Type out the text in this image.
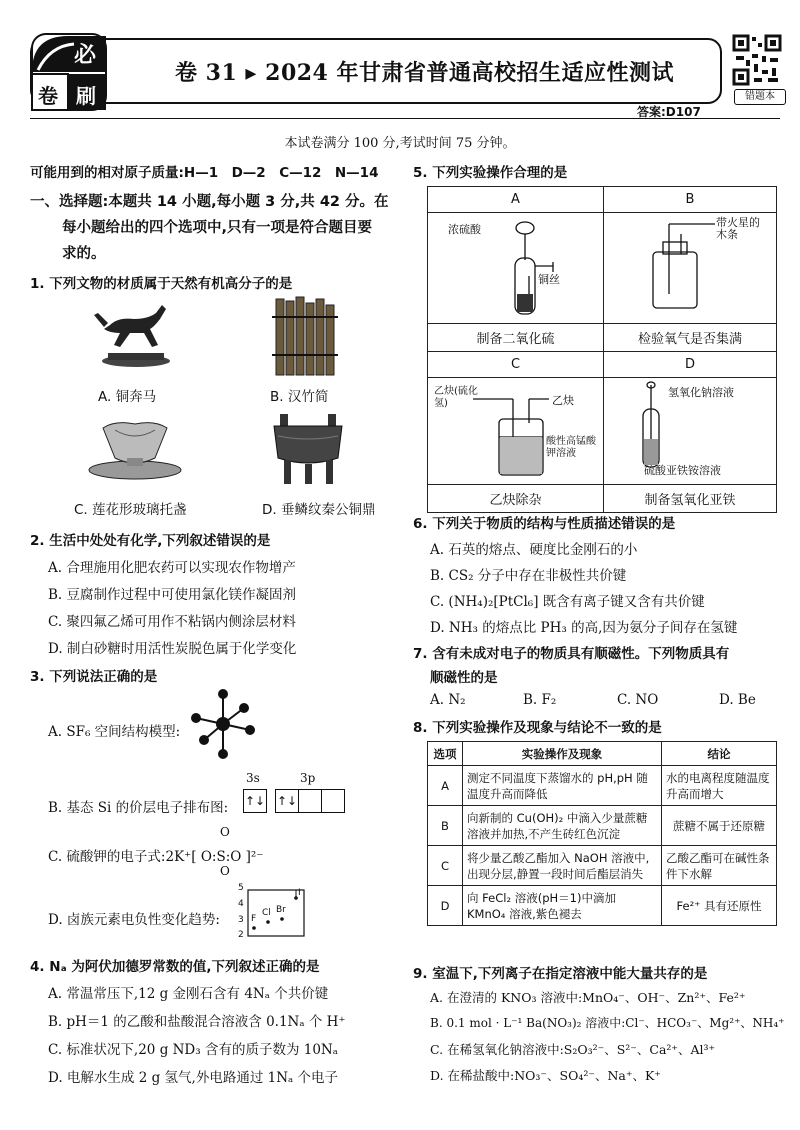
必
卷 刷
卷 31 ▸ 2024 年甘肃省普通高校招生适应性测试
错题本
答案:D107
本试卷满分 100 分,考试时间 75 分钟。
可能用到的相对原子质量:H—1　D—2　C—12　N—14
一、选择题:本题共 14 小题,每小题 3 分,共 42 分。在
每小题给出的四个选项中,只有一项是符合题目要
求的。
1. 下列文物的材质属于天然有机高分子的是
A. 铜奔马	B. 汉竹简
C. 莲花形玻璃托盏	D. 垂鳞纹秦公铜鼎
2. 生活中处处有化学,下列叙述错误的是
A. 合理施用化肥农药可以实现农作物增产
B. 豆腐制作过程中可使用氯化镁作凝固剂
C. 聚四氟乙烯可用作不粘锅内侧涂层材料
D. 制白砂糖时用活性炭脱色属于化学变化
3. 下列说法正确的是
A. SF₆ 空间结构模型:
3s	3p
B. 基态 Si 的价层电子排布图: ↑↓ ↑↓
O
C. 硫酸钾的电子式:2K⁺[ O:S:O ]²⁻
O
D. 卤族元素电负性变化趋势:
5
4
3
2
F
Cl Br
I
4. Nₐ 为阿伏加德罗常数的值,下列叙述正确的是
A. 常温常压下,12 g 金刚石含有 4Nₐ 个共价键
B. pH＝1 的乙酸和盐酸混合溶液含 0.1Nₐ 个 H⁺
C. 标准状况下,20 g ND₃ 含有的质子数为 10Nₐ
D. 电解水生成 2 g 氢气,外电路通过 1Nₐ 个电子
5. 下列实验操作合理的是
A	B

浓硫酸
铜丝	带火星的木条

制备二氧化硫	检验氧气是否集满
C	D

乙炔(硫化氢) 乙炔
酸性高锰酸钾溶液	氢氧化钠溶液
硫酸亚铁铵溶液

乙炔除杂	制备氢氧化亚铁
6. 下列关于物质的结构与性质描述错误的是
A. 石英的熔点、硬度比金刚石的小
B. CS₂ 分子中存在非极性共价键
C. (NH₄)₂[PtCl₆] 既含有离子键又含有共价键
D. NH₃ 的熔点比 PH₃ 的高,因为氨分子间存在氢键
7. 含有未成对电子的物质具有顺磁性。下列物质具有
顺磁性的是
A. N₂	B. F₂	C. NO	D. Be
8. 下列实验操作及现象与结论不一致的是
选项	实验操作及现象	结论
A	测定不同温度下蒸馏水的 pH,pH 随温度升高而降低	水的电离程度随温度升高而增大
B	向新制的 Cu(OH)₂ 中滴入少量蔗糖溶液并加热,不产生砖红色沉淀	蔗糖不属于还原糖
C	将少量乙酸乙酯加入 NaOH 溶液中,出现分层,静置一段时间后酯层消失	乙酸乙酯可在碱性条件下水解
D	向 FeCl₂ 溶液(pH＝1)中滴加 KMnO₄ 溶液,紫色褪去	Fe²⁺ 具有还原性
9. 室温下,下列离子在指定溶液中能大量共存的是
A. 在澄清的 KNO₃ 溶液中:MnO₄⁻、OH⁻、Zn²⁺、Fe²⁺
B. 0.1 mol · L⁻¹ Ba(NO₃)₂ 溶液中:Cl⁻、HCO₃⁻、Mg²⁺、NH₄⁺
C. 在稀氢氧化钠溶液中:S₂O₃²⁻、S²⁻、Ca²⁺、Al³⁺
D. 在稀盐酸中:NO₃⁻、SO₄²⁻、Na⁺、K⁺
